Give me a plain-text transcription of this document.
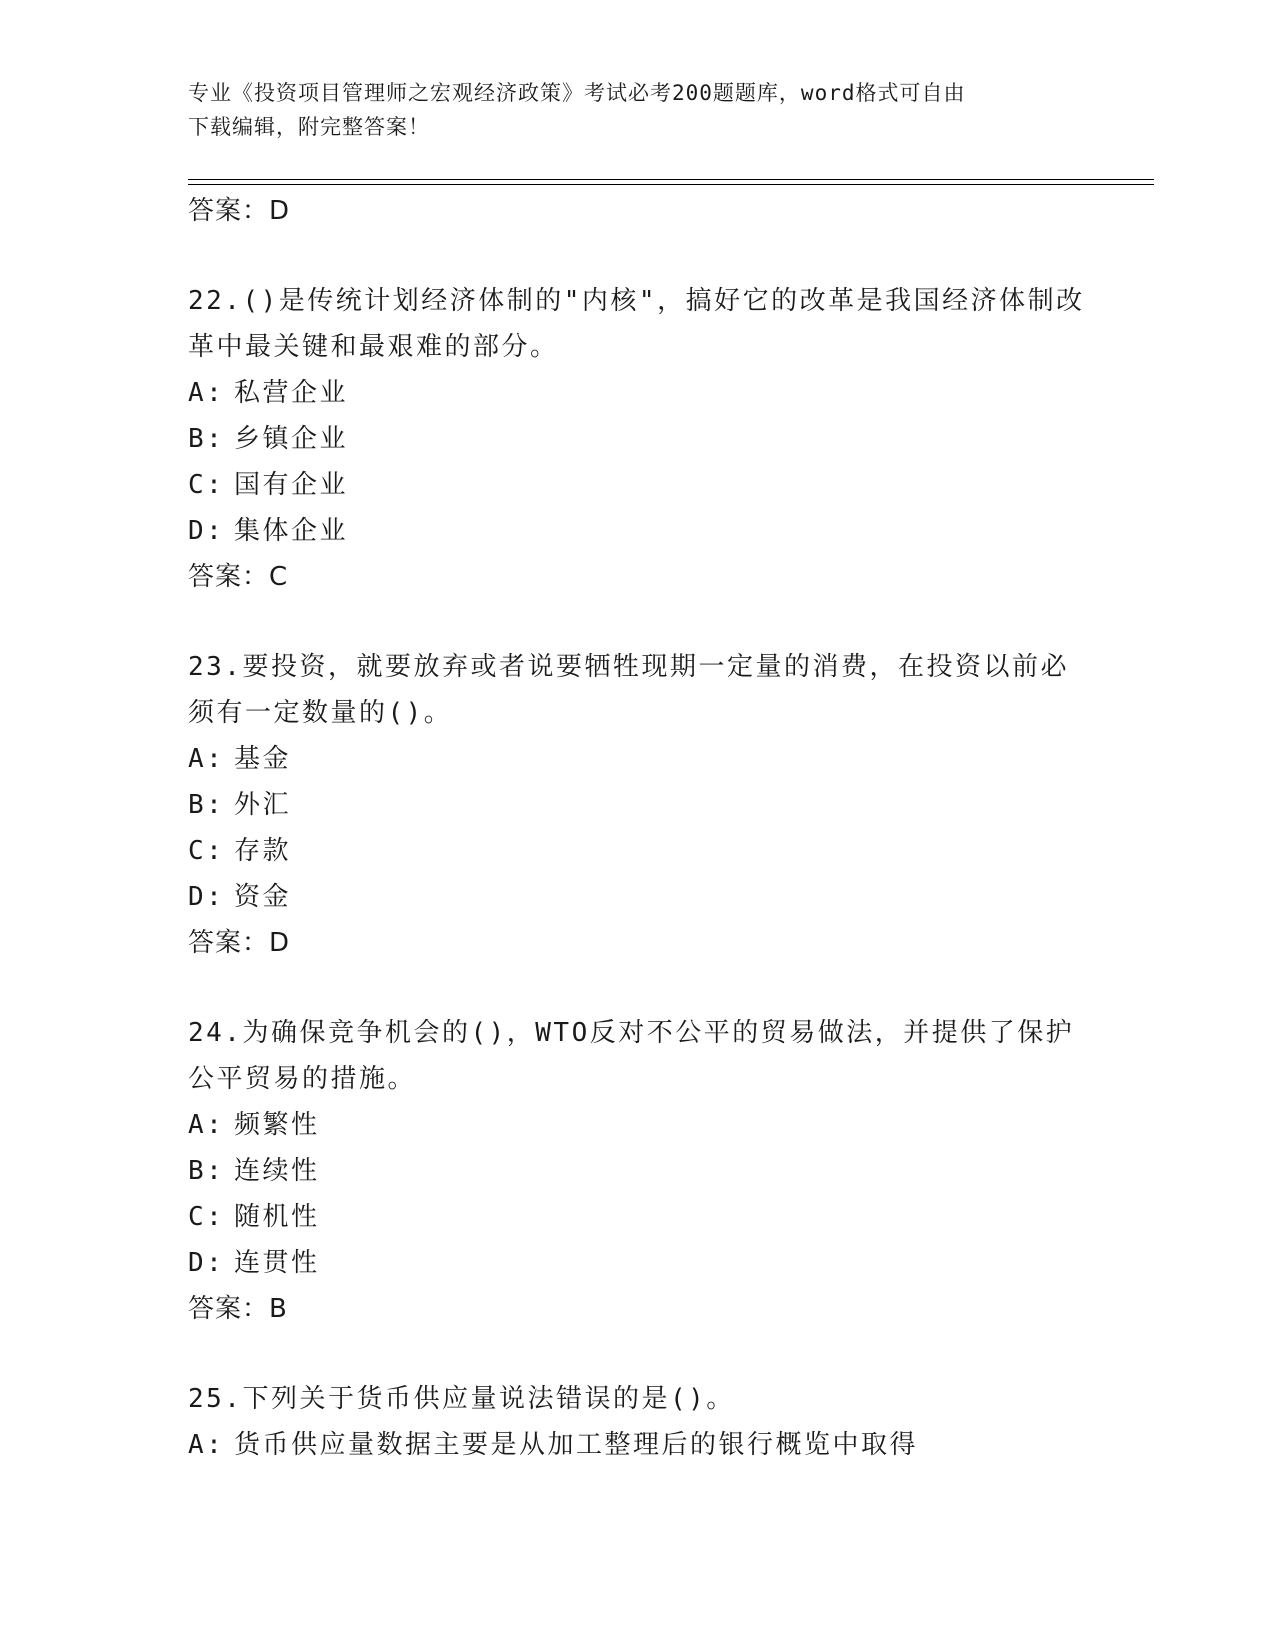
专业《投资项目管理师之宏观经济政策》考试必考200题题库，word格式可自由
下载编辑，附完整答案！
答案：D
22.()是传统计划经济体制的"内核"，搞好它的改革是我国经济体制改
革中最关键和最艰难的部分。
A: 私营企业
B: 乡镇企业
C: 国有企业
D: 集体企业
答案：C
23.要投资，就要放弃或者说要牺牲现期一定量的消费，在投资以前必
须有一定数量的()。
A: 基金
B: 外汇
C: 存款
D: 资金
答案：D
24.为确保竞争机会的()，WTO反对不公平的贸易做法，并提供了保护
公平贸易的措施。
A: 频繁性
B: 连续性
C: 随机性
D: 连贯性
答案：B
25.下列关于货币供应量说法错误的是()。
A: 货币供应量数据主要是从加工整理后的银行概览中取得
